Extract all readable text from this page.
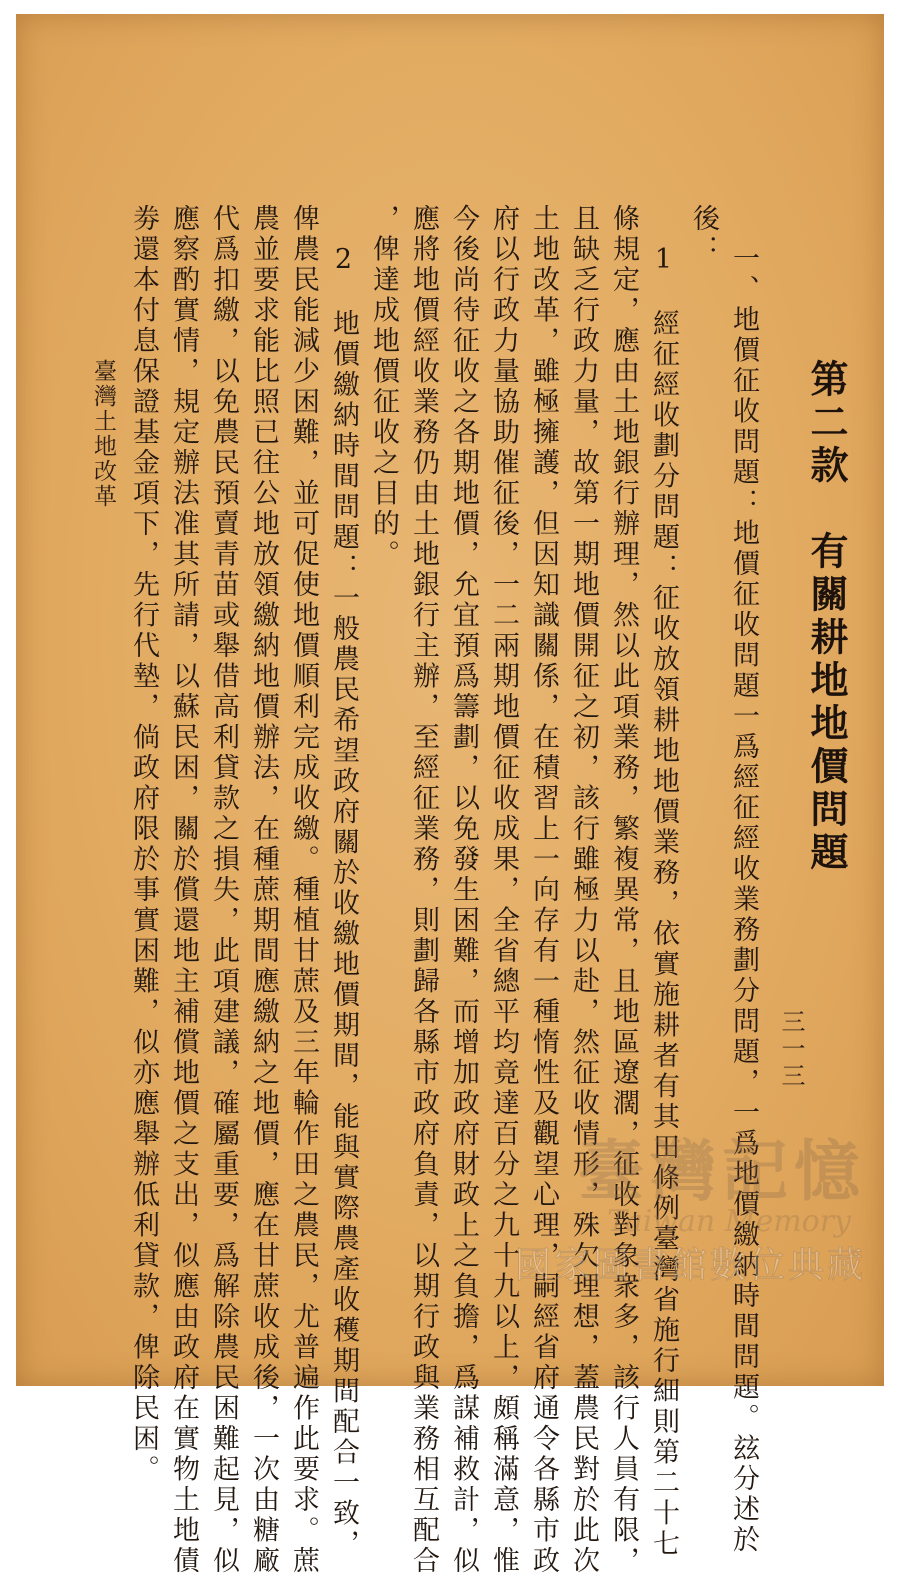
第二款　有關耕地地價問題
一、地價征收問題：地價征收問題一爲經征經收業務劃分問題，一爲地價繳納時間問題。玆分述於
後：
1　經征經收劃分問題：征收放領耕地地價業務，依實施耕者有其田條例臺灣省施行細則第二十七
條規定，應由土地銀行辦理，然以此項業務，繁複異常，且地區遼濶，征收對象衆多，該行人員有限，
且缺乏行政力量，故第一期地價開征之初，該行雖極力以赴，然征收情形，殊欠理想，蓋農民對於此次
土地改革，雖極擁護，但因知識關係，在積習上一向存有一種惰性及觀望心理，嗣經省府通令各縣市政
府以行政力量協助催征後，一二兩期地價征收成果，全省總平均竟達百分之九十九以上，頗稱滿意，惟
今後尚待征收之各期地價，允宜預爲籌劃，以免發生困難，而增加政府財政上之負擔，爲謀補救計，似
應將地價經收業務仍由土地銀行主辦，至經征業務，則劃歸各縣市政府負責，以期行政與業務相互配合
，俾達成地價征收之目的。
2　地價繳納時間問題：一般農民希望政府關於收繳地價期間，能與實際農產收穫期間配合一致，
俾農民能減少困難，並可促使地價順利完成收繳。種植甘蔗及三年輪作田之農民，尤普遍作此要求。蔗
農並要求能比照已往公地放領繳納地價辦法，在種蔗期間應繳納之地價，應在甘蔗收成後，一次由糖廠
代爲扣繳，以免農民預賣青苗或舉借高利貸款之損失，此項建議，確屬重要，爲解除農民困難起見，似
應察酌實情，規定辦法准其所請，以蘇民困，關於償還地主補償地價之支出，似應由政府在實物土地債
劵還本付息保證基金項下，先行代墊，倘政府限於事實困難，似亦應舉辦低利貸款，俾除民困。
臺灣土地改革
三一三
臺灣記憶
Taiwan Memory
國家圖書館數位典藏
